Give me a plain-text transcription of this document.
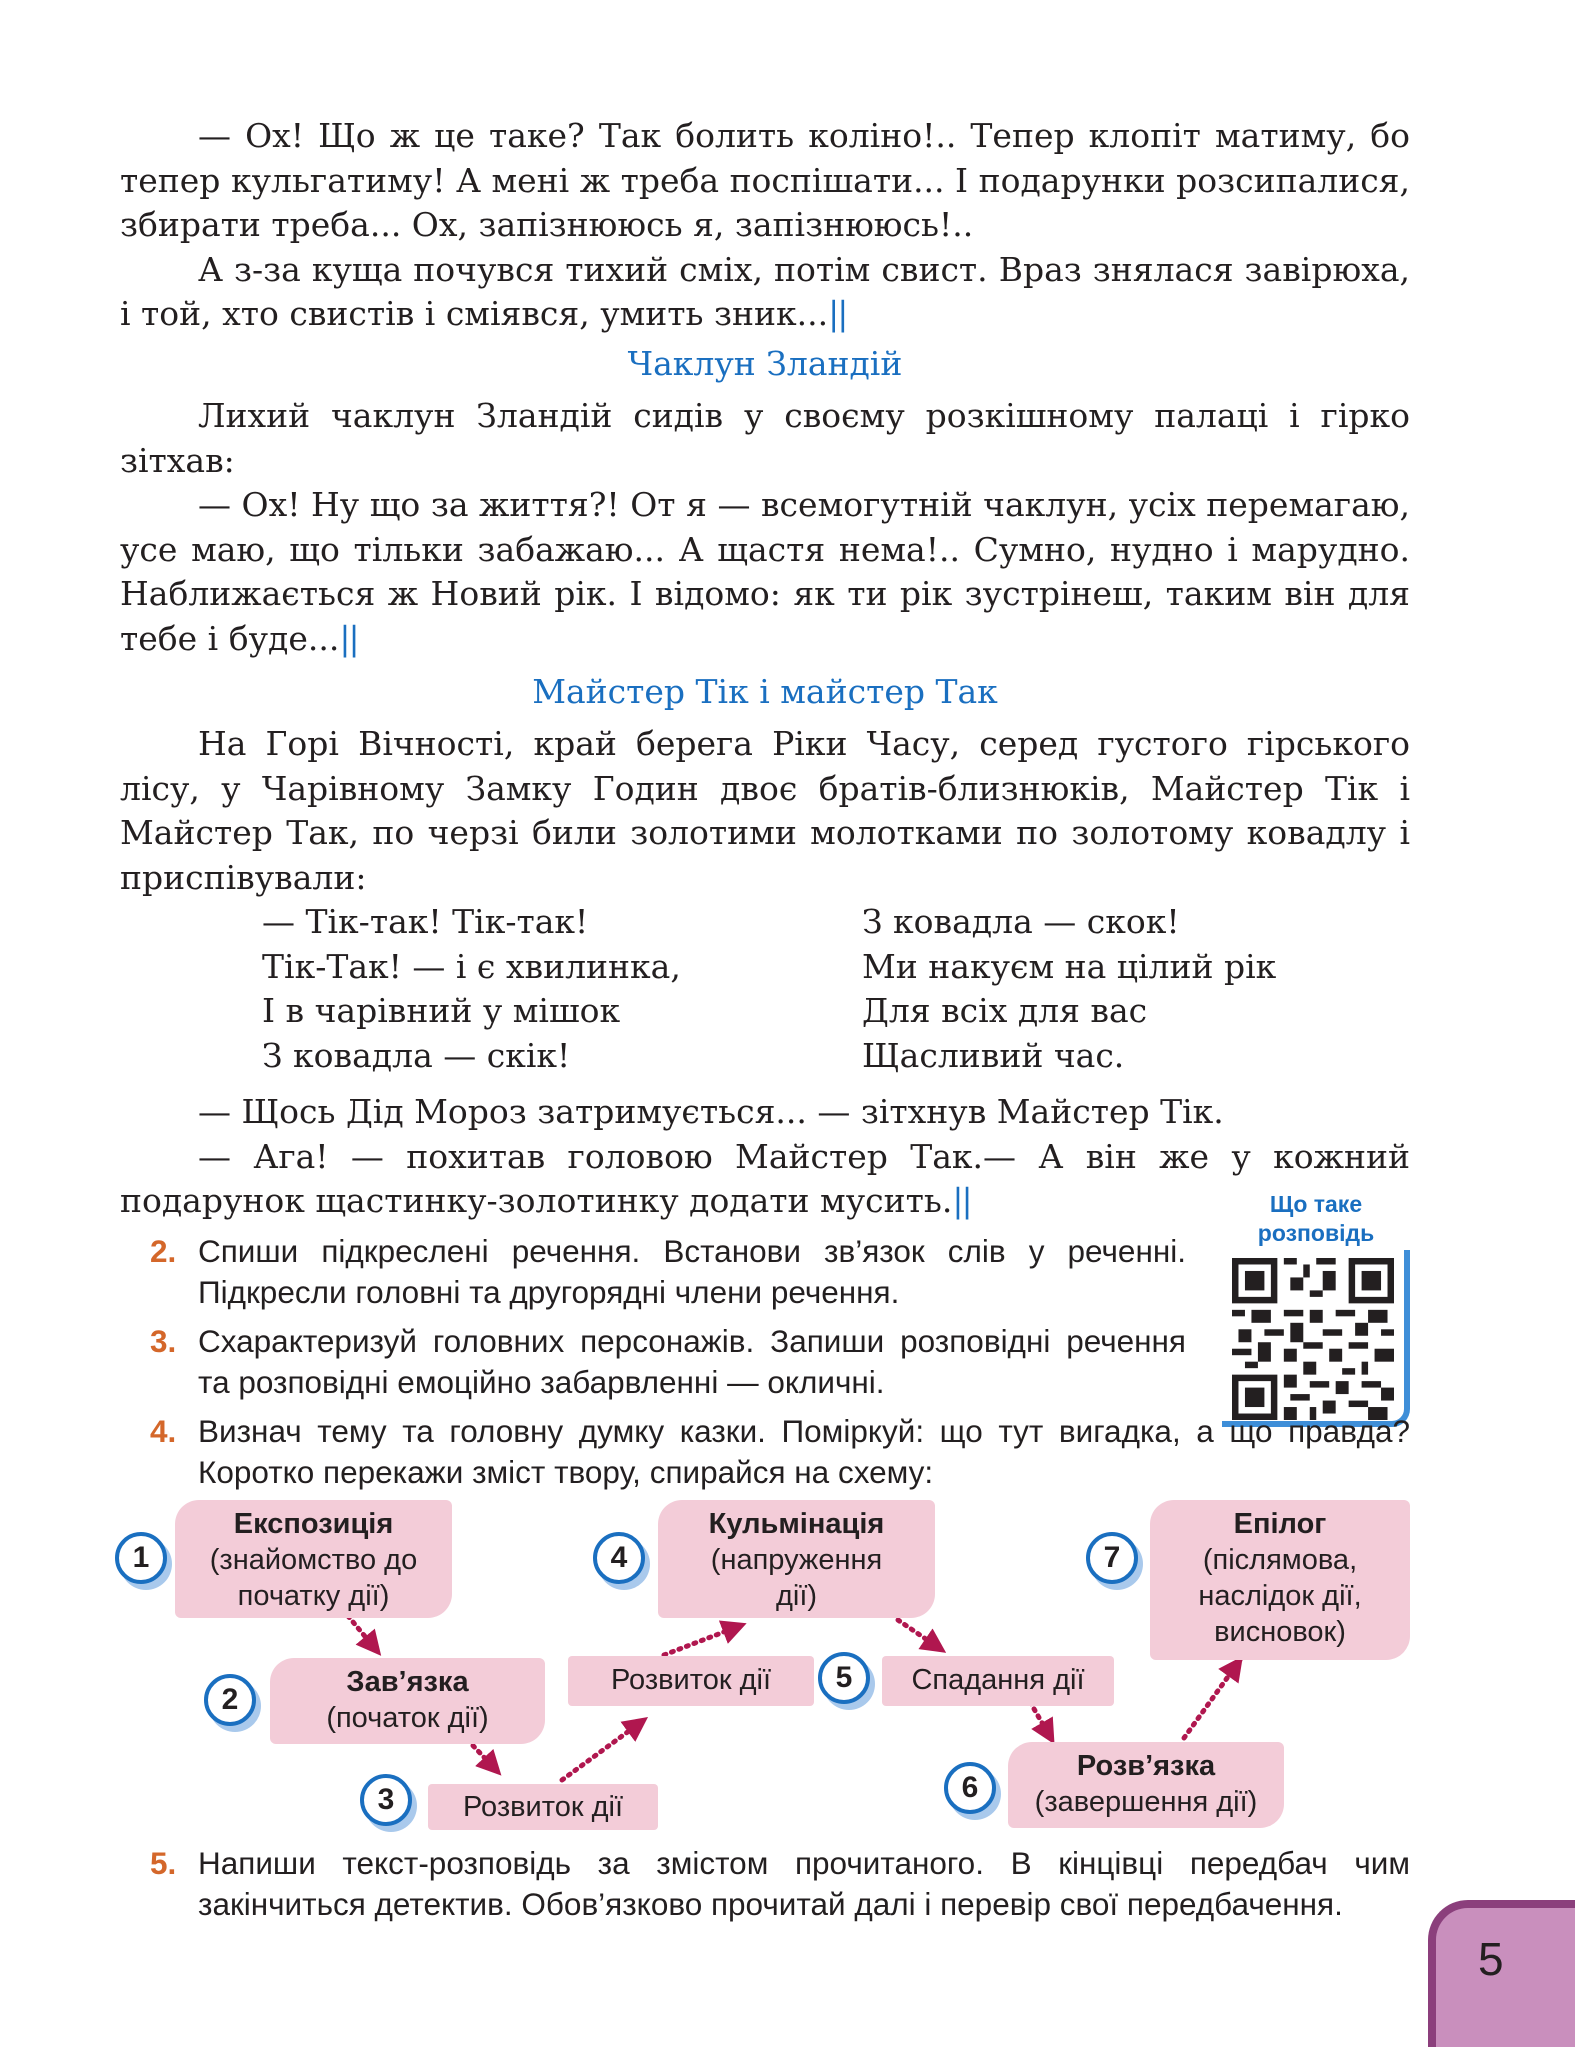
— Ох! Що ж це таке? Так болить коліно!.. Тепер клопіт матиму, бо тепер кульгатиму! А мені ж треба поспішати... І подарунки розсипалися, збирати треба... Ох, запізнююсь я, запізнююсь!..

А з-за куща почувся тихий сміх, потім свист. Враз знялася завірюха, і той, хто свистів і сміявся, умить зник...||

Чаклун Зландій

Лихий чаклун Зландій сидів у своєму розкішному палаці і гірко зітхав:

— Ох! Ну що за життя?! От я — всемогутній чаклун, усіх перемагаю, усе маю, що тільки забажаю... А щастя нема!.. Сумно, нудно і марудно. Наближається ж Новий рік. І відомо: як ти рік зустрінеш, таким він для тебе і буде...||

Майстер Тік і майстер Так

На Горі Вічності, край берега Ріки Часу, серед густого гірського лісу, у Чарівному Замку Годин двоє братів-близнюків, Майстер Тік і Майстер Так, по черзі били золотими молотками по золотому ковадлу і приспівували:

— Тік-так! Тік-так!
Тік-Так! — і є хвилинка,
І в чарівний у мішок
З ковадла — скік!
З ковадла — скок!
Ми накуєм на цілий рік
Для всіх для вас
Щасливий час.

— Щось Дід Мороз затримується... — зітхнув Майстер Тік.

— Ага! — похитав головою Майстер Так.— А він же у кожний подарунок щастинку-золотинку додати мусить.||	Що таке розповідь
2. Спиши підкреслені речення. Встанови зв’язок слів у реченні. Підкресли головні та другорядні члени речення.

3. Схарактеризуй головних персонажів. Запиши розповідні речення та розповідні емоційно забарвленні — окличні.

4. Визнач тему та головну думку казки. Поміркуй: що тут вигадка, а що правда? Коротко перекажи зміст твору, спирайся на схему:

5. Напиши текст-розповідь за змістом прочитаного. В кінцівці передбач чим закінчиться детектив. Обов’язково прочитай далі і перевір свої передбачення.

1
Експозиція
(знайомство до початку дії)
2
Зав’язка
(початок дії)
3	Розвиток дії
Розвиток дії
4
Кульмінація
(напруження дії)
5	Спадання дії
6
Розв’язка
(завершення дії)
7
Епілог
(післямова, наслідок дії, висновок)
5
